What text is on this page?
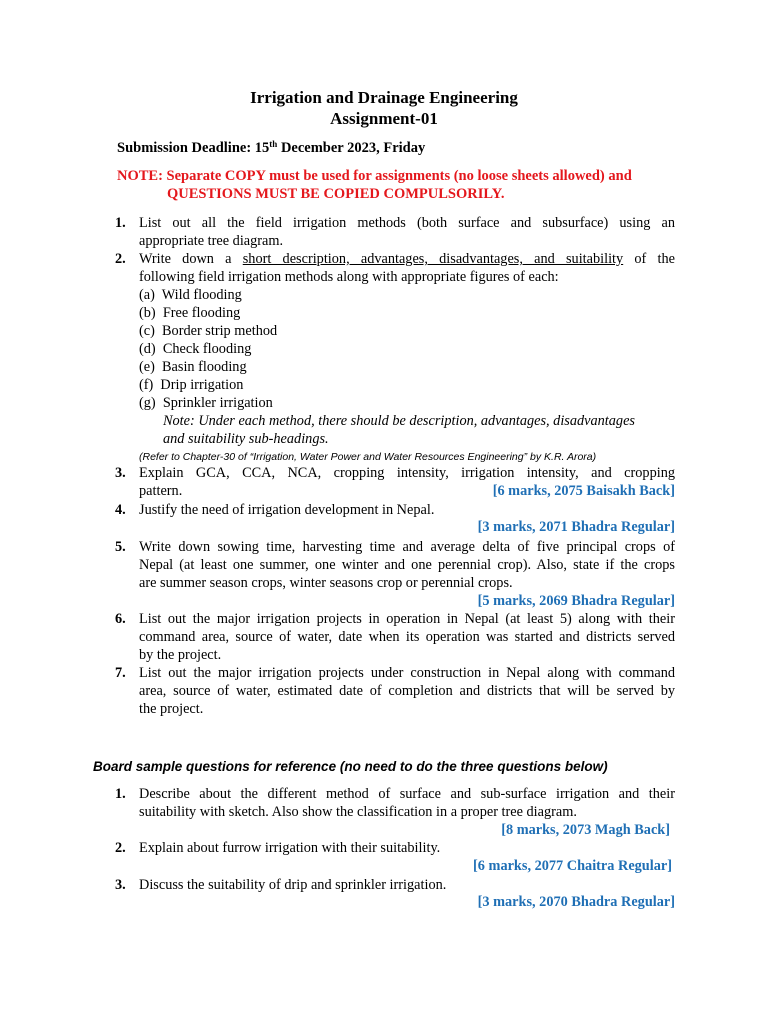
Irrigation and Drainage Engineering
Assignment-01
Submission Deadline: 15th December 2023, Friday
NOTE: Separate COPY must be used for assignments (no loose sheets allowed) and
QUESTIONS MUST BE COPIED COMPULSORILY.
1. List out all the field irrigation methods (both surface and subsurface) using an
appropriate tree diagram.
2. Write down a short description, advantages, disadvantages, and suitability of the
following field irrigation methods along with appropriate figures of each:
(a)  Wild flooding
(b)  Free flooding
(c)  Border strip method
(d)  Check flooding
(e)  Basin flooding
(f)  Drip irrigation
(g)  Sprinkler irrigation
Note: Under each method, there should be description, advantages, disadvantages
and suitability sub-headings.
(Refer to Chapter-30 of “Irrigation, Water Power and Water Resources Engineering” by K.R. Arora)
3. Explain GCA, CCA, NCA, cropping intensity, irrigation intensity, and cropping
pattern.	[6 marks, 2075 Baisakh Back]
4. Justify the need of irrigation development in Nepal.
[3 marks, 2071 Bhadra Regular]
5. Write down sowing time, harvesting time and average delta of five principal crops of
Nepal (at least one summer, one winter and one perennial crop). Also, state if the crops
are summer season crops, winter seasons crop or perennial crops.
[5 marks, 2069 Bhadra Regular]
6. List out the major irrigation projects in operation in Nepal (at least 5) along with their
command area, source of water, date when its operation was started and districts served
by the project.
7. List out the major irrigation projects under construction in Nepal along with command
area, source of water, estimated date of completion and districts that will be served by
the project.
Board sample questions for reference (no need to do the three questions below)
1. Describe about the different method of surface and sub-surface irrigation and their
suitability with sketch. Also show the classification in a proper tree diagram.
[8 marks, 2073 Magh Back]
2. Explain about furrow irrigation with their suitability.
[6 marks, 2077 Chaitra Regular]
3. Discuss the suitability of drip and sprinkler irrigation.
[3 marks, 2070 Bhadra Regular]
